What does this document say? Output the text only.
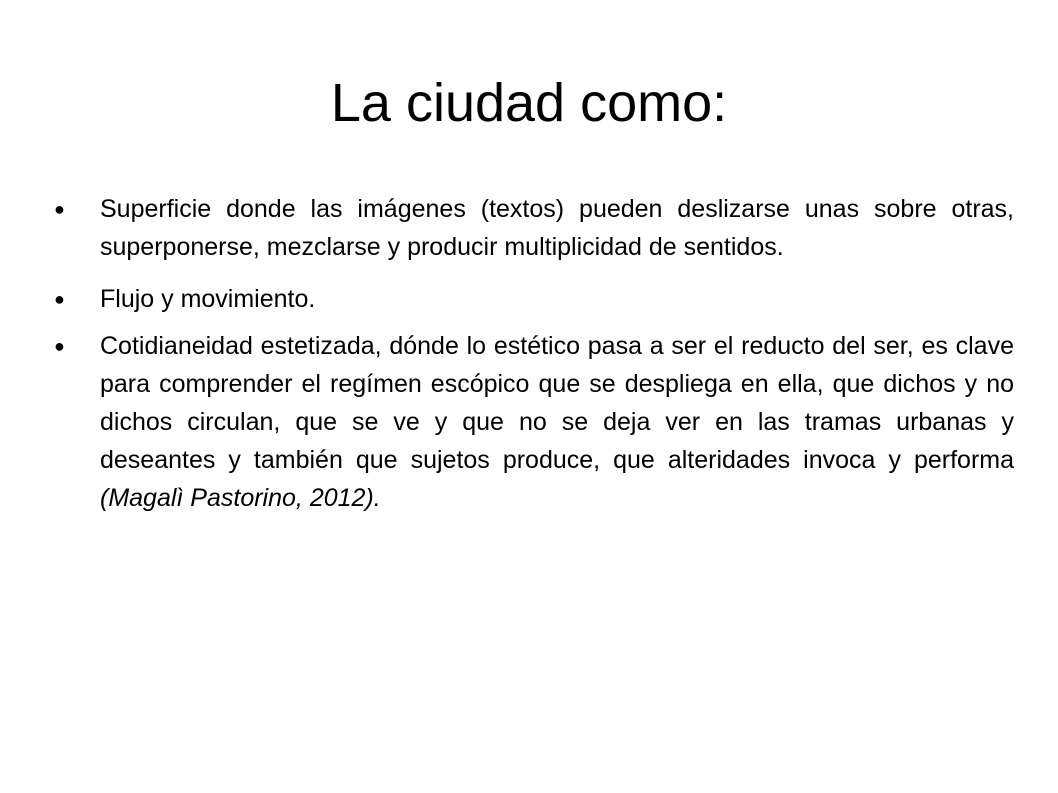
La ciudad como:
● Superficie donde las imágenes (textos) pueden deslizarse unas sobre otras, superponerse, mezclarse y producir multiplicidad de sentidos.
● Flujo y movimiento.
● Cotidianeidad estetizada, dónde lo estético pasa a ser el reducto del ser, es clave para comprender el regímen escópico que se despliega en ella, que dichos y no dichos circulan, que se ve y que no se deja ver en las tramas urbanas y deseantes y también que sujetos produce, que alteridades invoca y performa (Magalì Pastorino, 2012).
